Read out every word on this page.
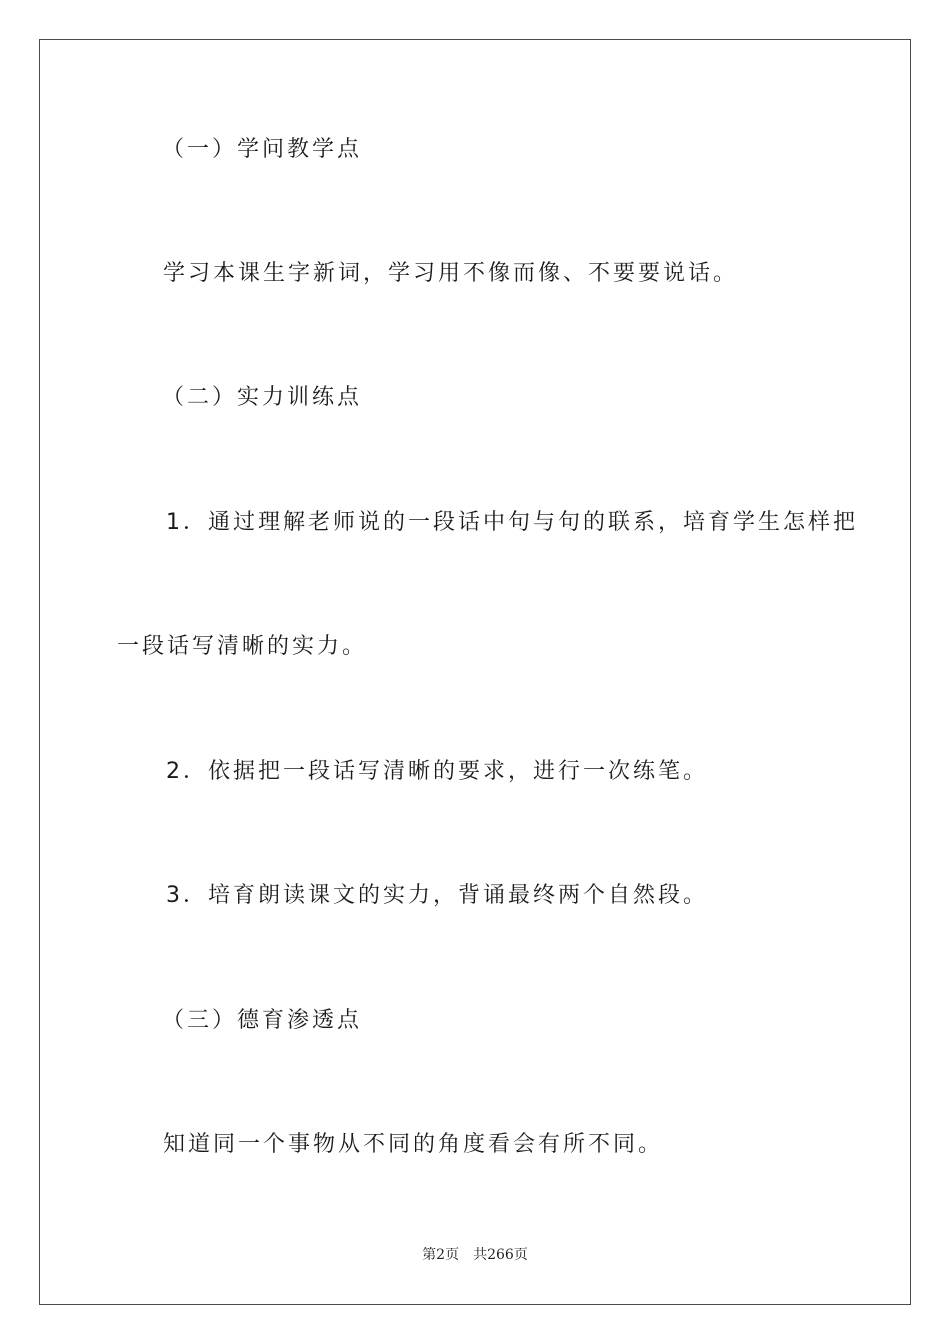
（一）学问教学点
学习本课生字新词，学习用不像而像、不要要说话。
（二）实力训练点
1．通过理解老师说的一段话中句与句的联系，培育学生怎样把
一段话写清晰的实力。
2．依据把一段话写清晰的要求，进行一次练笔。
3．培育朗读课文的实力，背诵最终两个自然段。
（三）德育渗透点
知道同一个事物从不同的角度看会有所不同。
第2页 共266页
